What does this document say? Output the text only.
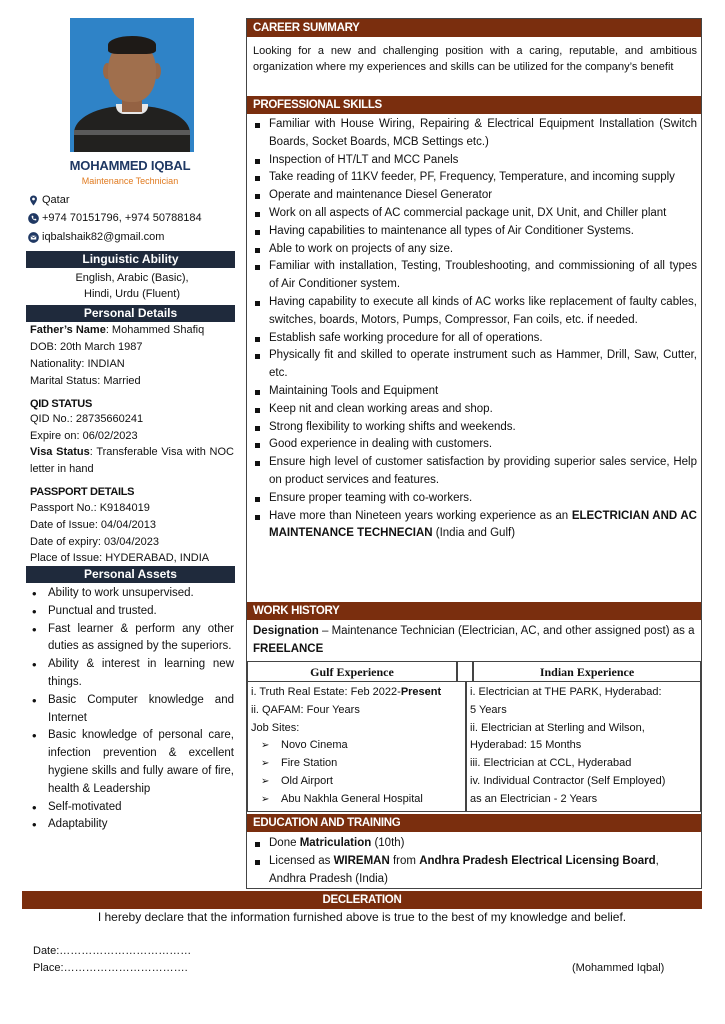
MOHAMMED IQBAL
Maintenance Technician
Qatar
+974 70151796, +974 50788184
iqbalshaik82@gmail.com
Linguistic Ability
English, Arabic (Basic),
Hindi, Urdu (Fluent)
Personal Details
Father’s Name: Mohammed Shafiq
DOB: 20th March 1987
Nationality: INDIAN
Marital Status: Married
QID STATUS
QID No.: 28735660241
Expire on: 06/02/2023
Visa Status: Transferable Visa with NOC letter in hand
PASSPORT DETAILS
Passport No.: K9184019
Date of Issue: 04/04/2013
Date of expiry: 03/04/2023
Place of Issue: HYDERABAD, INDIA
Personal Assets
• Ability to work unsupervised.
• Punctual and trusted.
• Fast learner & perform any other duties as assigned by the superiors.
• Ability & interest in learning new things.
• Basic Computer knowledge and Internet
• Basic knowledge of personal care, infection prevention & excellent hygiene skills and fully aware of fire, health & Leadership
• Self-motivated
• Adaptability
CAREER SUMMARY
Looking for a new and challenging position with a caring, reputable, and ambitious organization where my experiences and skills can be utilized for the company’s benefit
PROFESSIONAL SKILLS
Familiar with House Wiring, Repairing & Electrical Equipment Installation (Switch Boards, Socket Boards, MCB Settings etc.)
Inspection of HT/LT and MCC Panels
Take reading of 11KV feeder, PF, Frequency, Temperature, and incoming supply
Operate and maintenance Diesel Generator
Work on all aspects of AC commercial package unit, DX Unit, and Chiller plant
Having capabilities to maintenance all types of Air Conditioner Systems.
Able to work on projects of any size.
Familiar with installation, Testing, Troubleshooting, and commissioning of all types of Air Conditioner system.
Having capability to execute all kinds of AC works like replacement of faulty cables, switches, boards, Motors, Pumps, Compressor, Fan coils, etc. if needed.
Establish safe working procedure for all of operations.
Physically fit and skilled to operate instrument such as Hammer, Drill, Saw, Cutter, etc.
Maintaining Tools and Equipment
Keep nit and clean working areas and shop.
Strong flexibility to working shifts and weekends.
Good experience in dealing with customers.
Ensure high level of customer satisfaction by providing superior sales service, Help on product services and features.
Ensure proper teaming with co-workers.
Have more than Nineteen years working experience as an ELECTRICIAN AND AC MAINTENANCE TECHNECIAN (India and Gulf)
WORK HISTORY
Designation – Maintenance Technician (Electrician, AC, and other assigned post) as a FREELANCE
Gulf Experience	Indian Experience
i. Truth Real Estate: Feb 2022-Present
ii. QAFAM: Four Years
Job Sites:
➢ Novo Cinema
➢ Fire Station
➢ Old Airport
➢ Abu Nakhla General Hospital
i. Electrician at THE PARK, Hyderabad:
5 Years
ii. Electrician at Sterling and Wilson,
Hyderabad: 15 Months
iii. Electrician at CCL, Hyderabad
iv. Individual Contractor (Self Employed)
as an Electrician - 2 Years
EDUCATION AND TRAINING
Done Matriculation (10th)
Licensed as WIREMAN from Andhra Pradesh Electrical Licensing Board, Andhra Pradesh (India)
DECLERATION
I hereby declare that the information furnished above is true to the best of my knowledge and belief.
Date:………………………………
Place:…………………………….	(Mohammed Iqbal)
